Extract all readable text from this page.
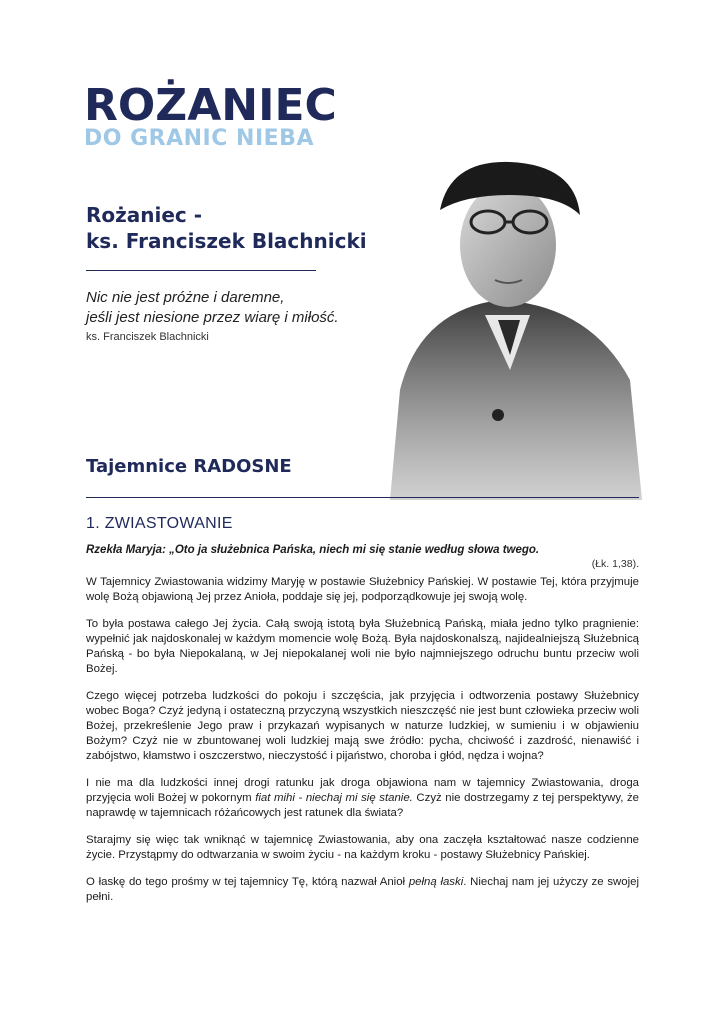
ROŻANIEC
DO GRANIC NIEBA
Rożaniec -
ks. Franciszek Blachnicki
Nic nie jest próżne i daremne,
jeśli jest niesione przez wiarę i miłość.
ks. Franciszek Blachnicki
Tajemnice RADOSNE
1. ZWIASTOWANIE
Rzekła Maryja: „Oto ja służebnica Pańska, niech mi się stanie według słowa twego.
(Łk. 1,38).

W Tajemnicy Zwiastowania widzimy Maryję w postawie Służebnicy Pańskiej. W postawie Tej, która przyjmuje wolę Bożą objawioną Jej przez Anioła, poddaje się jej, podporządkowuje jej swoją wolę.

To była postawa całego Jej życia. Całą swoją istotą była Służebnicą Pańską, miała jedno tylko pragnienie: wypełnić jak najdoskonalej w każdym momencie wolę Bożą. Była najdoskonalszą, najidealniejszą Służebnicą Pańską - bo była Niepokalaną, w Jej niepokalanej woli nie było najmniejszego odruchu buntu przeciw woli Bożej.

Czego więcej potrzeba ludzkości do pokoju i szczęścia, jak przyjęcia i odtworzenia postawy Służebnicy wobec Boga? Czyż jedyną i ostateczną przyczyną wszystkich nieszczęść nie jest bunt człowieka przeciw woli Bożej, przekreślenie Jego praw i przykazań wypisanych w naturze ludzkiej, w sumieniu i w objawieniu Bożym? Czyż nie w zbuntowanej woli ludzkiej mają swe źródło: pycha, chciwość i zazdrość, nienawiść i zabójstwo, kłamstwo i oszczerstwo, nieczystość i pijaństwo, choroba i głód, nędza i wojna?

I nie ma dla ludzkości innej drogi ratunku jak droga objawiona nam w tajemnicy Zwiastowania, droga przyjęcia woli Bożej w pokornym fiat mihi - niechaj mi się stanie. Czyż nie dostrzegamy z tej perspektywy, że naprawdę w tajemnicach różańcowych jest ratunek dla świata?

Starajmy się więc tak wniknąć w tajemnicę Zwiastowania, aby ona zaczęła kształtować nasze codzienne życie. Przystąpmy do odtwarzania w swoim życiu - na każdym kroku - postawy Służebnicy Pańskiej.

O łaskę do tego prośmy w tej tajemnicy Tę, którą nazwał Anioł pełną łaski. Niechaj nam jej użyczy ze swojej pełni.
